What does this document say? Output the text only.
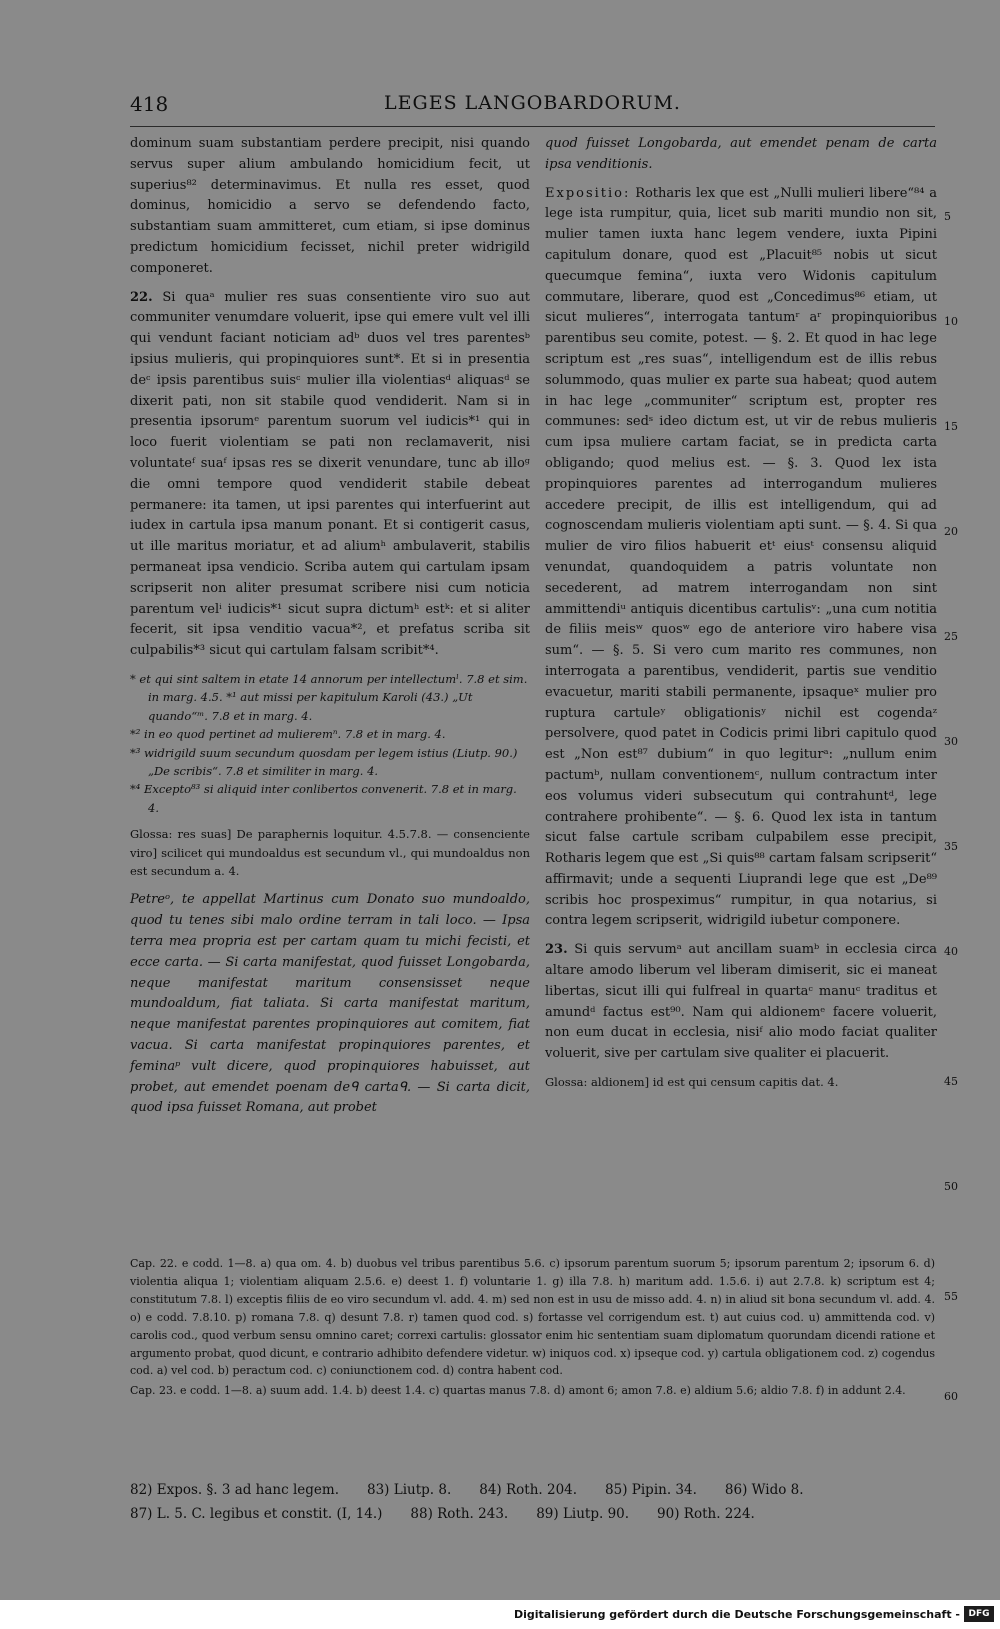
418	LEGES LANGOBARDORUM.

dominum suam substantiam perdere precipit, nisi quando servus super alium ambulando homicidium fecit, ut superius⁸² determinavimus. Et nulla res esset, quod dominus, homicidio a servo se defendendo facto, substantiam suam ammitteret, cum etiam, si ipse dominus predictum homicidium fecisset, nichil preter widrigild componeret.

22. Si quaᵃ mulier res suas consentiente viro suo aut communiter venumdare voluerit, ipse qui emere vult vel illi qui vendunt faciant noticiam adᵇ duos vel tres parentesᵇ ipsius mulieris, qui propinquiores sunt*. Et si in presentia deᶜ ipsis parentibus suisᶜ mulier illa violentiasᵈ aliquasᵈ se dixerit pati, non sit stabile quod vendiderit. Nam si in presentia ipsorumᵉ parentum suorum vel iudicis*¹ qui in loco fuerit violentiam se pati non reclamaverit, nisi voluntateᶠ suaᶠ ipsas res se dixerit venundare, tunc ab illoᵍ die omni tempore quod vendiderit stabile debeat permanere: ita tamen, ut ipsi parentes qui interfuerint aut iudex in cartula ipsa manum ponant. Et si contigerit casus, ut ille maritus moriatur, et ad aliumʰ ambulaverit, stabilis permaneat ipsa vendicio. Scriba autem qui cartulam ipsam scripserit non aliter presumat scribere nisi cum noticia parentum velⁱ iudicis*¹ sicut supra dictumʰ estᵏ: et si aliter fecerit, sit ipsa venditio vacua*², et prefatus scriba sit culpabilis*³ sicut qui cartulam falsam scribit*⁴.

* et qui sint saltem in etate 14 annorum per intellectumˡ. 7.8 et sim. in marg. 4.5. *¹ aut missi per kapitulum Karoli (43.) „Ut quando“ᵐ. 7.8 et in marg. 4.
*² in eo quod pertinet ad mulieremⁿ. 7.8 et in marg. 4.
*³ widrigild suum secundum quosdam per legem istius (Liutp. 90.) „De scribis“. 7.8 et similiter in marg. 4.
*⁴ Excepto⁸³ si aliquid inter conlibertos convenerit. 7.8 et in marg. 4.
Glossa: res suas] De paraphernis loquitur. 4.5.7.8. — consenciente viro] scilicet qui mundoaldus est secundum vl., qui mundoaldus non est secundum a. 4.

Petreᵒ, te appellat Martinus cum Donato suo mundoaldo, quod tu tenes sibi malo ordine terram in tali loco. — Ipsa terra mea propria est per cartam quam tu michi fecisti, et ecce carta. — Si carta manifestat, quod fuisset Longobarda, neque manifestat maritum consensisset neque mundoaldum, fiat taliata. Si carta manifestat maritum, neque manifestat parentes propinquiores aut comitem, fiat vacua. Si carta manifestat propinquiores parentes, et feminaᵖ vult dicere, quod propinquiores habuisset, aut probet, aut emendet poenam deᑫ cartaᑫ. — Si carta dicit, quod ipsa fuisset Romana, aut probet

quod fuisset Longobarda, aut emendet penam de carta ipsa venditionis.

Expositio: Rotharis lex que est „Nulli mulieri libere“⁸⁴ a lege ista rumpitur, quia, licet sub mariti mundio non sit, mulier tamen iuxta hanc legem vendere, iuxta Pipini capitulum donare, quod est „Placuit⁸⁵ nobis ut sicut quecumque femina“, iuxta vero Widonis capitulum commutare, liberare, quod est „Concedimus⁸⁶ etiam, ut sicut mulieres“, interrogata tantumʳ aʳ propinquioribus parentibus seu comite, potest. — §. 2. Et quod in hac lege scriptum est „res suas“, intelligendum est de illis rebus solummodo, quas mulier ex parte sua habeat; quod autem in hac lege „communiter“ scriptum est, propter res communes: sedˢ ideo dictum est, ut vir de rebus mulieris cum ipsa muliere cartam faciat, se in predicta carta obligando; quod melius est. — §. 3. Quod lex ista propinquiores parentes ad interrogandum mulieres accedere precipit, de illis est intelligendum, qui ad cognoscendam mulieris violentiam apti sunt. — §. 4. Si qua mulier de viro filios habuerit etᵗ eiusᵗ consensu aliquid venundat, quandoquidem a patris voluntate non secederent, ad matrem interrogandam non sint ammittendiᵘ antiquis dicentibus cartulisᵛ: „una cum notitia de filiis meisʷ quosʷ ego de anteriore viro habere visa sum“. — §. 5. Si vero cum marito res communes, non interrogata a parentibus, vendiderit, partis sue venditio evacuetur, mariti stabili permanente, ipsaqueˣ mulier pro ruptura cartuleʸ obligationisʸ nichil est cogendaᶻ persolvere, quod patet in Codicis primi libri capitulo quod est „Non est⁸⁷ dubium“ in quo legiturᵃ: „nullum enim pactumᵇ, nullam conventionemᶜ, nullum contractum inter eos volumus videri subsecutum qui contrahuntᵈ, lege contrahere prohibente“. — §. 6. Quod lex ista in tantum sicut false cartule scribam culpabilem esse precipit, Rotharis legem que est „Si quis⁸⁸ cartam falsam scripserit“ affirmavit; unde a sequenti Liuprandi lege que est „De⁸⁹ scribis hoc prospeximus“ rumpitur, in qua notarius, si contra legem scripserit, widrigild iubetur componere.

23. Si quis servumᵃ aut ancillam suamᵇ in ecclesia circa altare amodo liberum vel liberam dimiserit, sic ei maneat libertas, sicut illi qui fulfreal in quartaᶜ manuᶜ traditus et amundᵈ factus est⁹⁰. Nam qui aldionemᵉ facere voluerit, non eum ducat in ecclesia, nisiᶠ alio modo faciat qualiter voluerit, sive per cartulam sive qualiter ei placuerit.

Glossa: aldionem] id est qui censum capitis dat. 4.
5
10
15
20
25
30
35
40
45
50
55
60

Cap. 22. e codd. 1—8. a) qua om. 4. b) duobus vel tribus parentibus 5.6. c) ipsorum parentum suorum 5; ipsorum parentum 2; ipsorum 6. d) violentia aliqua 1; violentiam aliquam 2.5.6. e) deest 1. f) voluntarie 1. g) illa 7.8. h) maritum add. 1.5.6. i) aut 2.7.8. k) scriptum est 4; constitutum 7.8. l) exceptis filiis de eo viro secundum vl. add. 4. m) sed non est in usu de misso add. 4. n) in aliud sit bona secundum vl. add. 4. o) e codd. 7.8.10. p) romana 7.8. q) desunt 7.8. r) tamen quod cod. s) fortasse vel corrigendum est. t) aut cuius cod. u) ammittenda cod. v) carolis cod., quod verbum sensu omnino caret; correxi cartulis: glossator enim hic sententiam suam diplomatum quorundam dicendi ratione et argumento probat, quod dicunt, e contrario adhibito defendere videtur. w) iniquos cod. x) ipseque cod. y) cartula obligationem cod. z) cogendus cod. a) vel cod. b) peractum cod. c) coniunctionem cod. d) contra habent cod.

Cap. 23. e codd. 1—8. a) suum add. 1.4. b) deest 1.4. c) quartas manus 7.8. d) amont 6; amon 7.8. e) aldium 5.6; aldio 7.8. f) in addunt 2.4.

82) Expos. §. 3 ad hanc legem. 83) Liutp. 8. 84) Roth. 204. 85) Pipin. 34. 86) Wido 8.
87) L. 5. C. legibus et constit. (I, 14.) 88) Roth. 243. 89) Liutp. 90. 90) Roth. 224.
Digitalisierung gefördert durch die Deutsche Forschungsgemeinschaft - DFG
